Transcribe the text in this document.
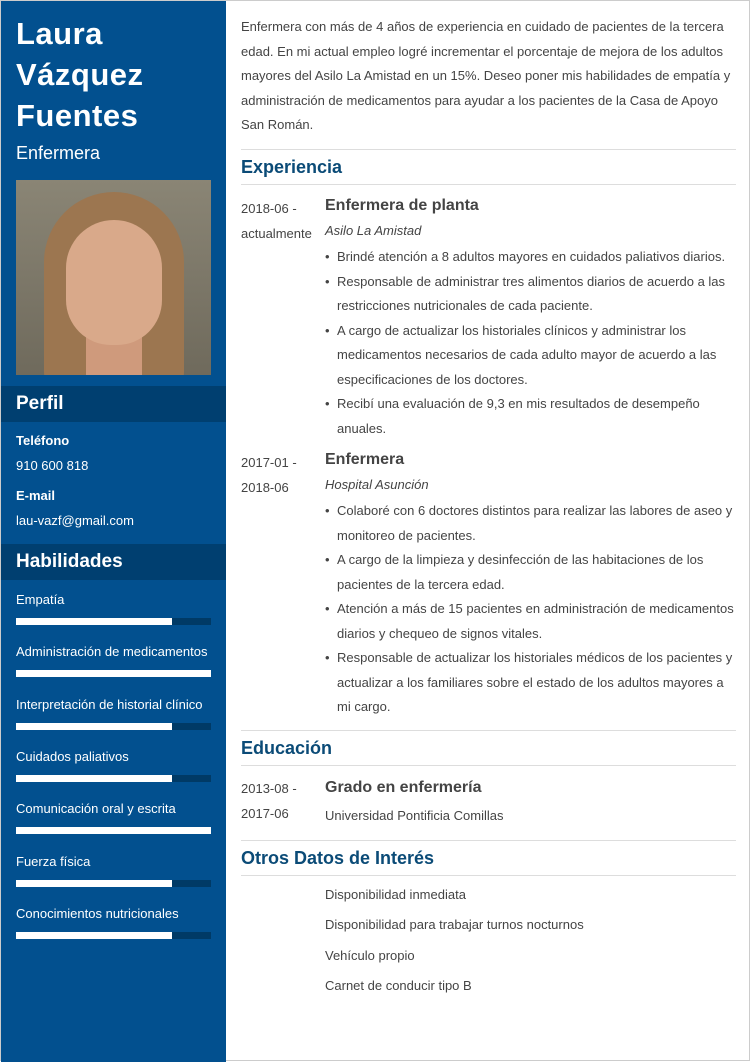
Laura
Vázquez
Fuentes
Enfermera
Perfil
Teléfono
910 600 818
E-mail
lau-vazf@gmail.com
Habilidades
Empatía
Administración de medicamentos
Interpretación de historial clínico
Cuidados paliativos
Comunicación oral y escrita
Fuerza física
Conocimientos nutricionales
Enfermera con más de 4 años de experiencia en cuidado de pacientes de la tercera edad. En mi actual empleo logré incrementar el porcentaje de mejora de los adultos mayores del Asilo La Amistad en un 15%. Deseo poner mis habilidades de empatía y administración de medicamentos para ayudar a los pacientes de la Casa de Apoyo San Román.
Experiencia
2018-06 -
actualmente
Enfermera de planta
Asilo La Amistad
• Brindé atención a 8 adultos mayores en cuidados paliativos diarios.
• Responsable de administrar tres alimentos diarios de acuerdo a las restricciones nutricionales de cada paciente.
• A cargo de actualizar los historiales clínicos y administrar los medicamentos necesarios de cada adulto mayor de acuerdo a las especificaciones de los doctores.
• Recibí una evaluación de 9,3 en mis resultados de desempeño anuales.
2017-01 -
2018-06
Enfermera
Hospital Asunción
• Colaboré con 6 doctores distintos para realizar las labores de aseo y monitoreo de pacientes.
• A cargo de la limpieza y desinfección de las habitaciones de los pacientes de la tercera edad.
• Atención a más de 15 pacientes en administración de medicamentos diarios y chequeo de signos vitales.
• Responsable de actualizar los historiales médicos de los pacientes y actualizar a los familiares sobre el estado de los adultos mayores a mi cargo.
Educación
2013-08 -
2017-06
Grado en enfermería
Universidad Pontificia Comillas
Otros Datos de Interés
Disponibilidad inmediata
Disponibilidad para trabajar turnos nocturnos
Vehículo propio
Carnet de conducir tipo B
